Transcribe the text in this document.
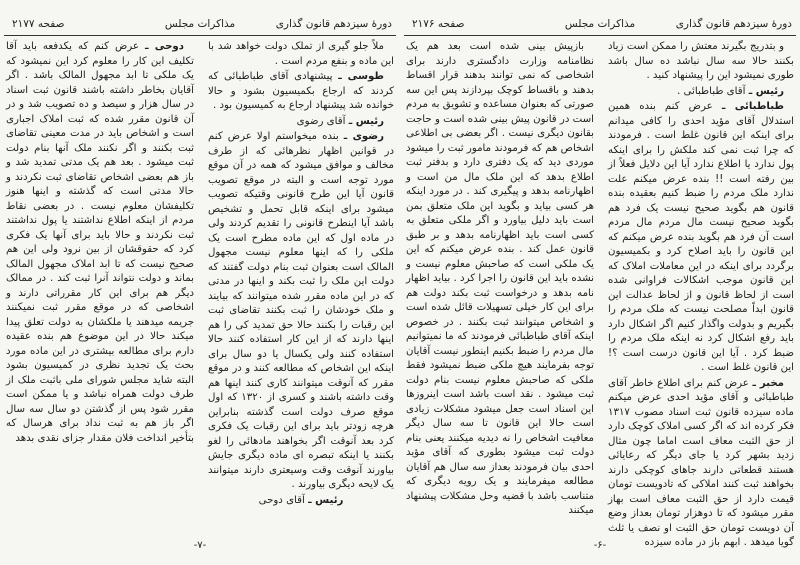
دورهٔ سیزدهم قانون گذاری
مذاکرات مجلس
صفحه ۲۱۷۶

و بتدریج بگیرند معتش را ممکن است زیاد بکنند حالا سه سال نباشد ده سال باشد طوری نمیشود این را پیشنهاد کنید .

رئیس ـ آقای طباطبائی .

طباطبائی ـ عرض کنم بنده همین استدلال آقای مؤید احدی را کافی میدانم برای اینکه این قانون غلط است . فرمودند که چرا ثبت نمی کند ملکش را برای اینکه پول ندارد یا اطلاع ندارد آیا این دلایل فعلاً از بین رفته است !! بنده عرض میکنم علت ندارد ملک مردم را ضبط کنیم بعقیده بنده قانون هم بگوید صحیح نیست یک فرد هم بگوید صحیح نیست مال مردم مال مردم است آن فرد هم بگوید بنده عرض میکنم که این قانون را باید اصلاح کرد و بکمیسیون برگردد برای اینکه در این معاملات املاک که این قانون موجب اشکالات فراوانی شده است از لحاظ قانون و از لحاظ عدالت این قانون ابداً مصلحت نیست که ملک مردم را بگیریم و بدولت واگذار کنیم اگر اشکال دارد باید رفع اشکال کرد نه اینکه ملک مردم را ضبط کرد . آیا این قانون درست است ؟! این قانون غلط است .

مخبر ـ عرض کنم برای اطلاع خاطر آقای طباطبائی و آقای مؤید احدی عرض میکنم ماده سیزده قانون ثبت اسناد مصوب ۱۳۱۷ فکر کرده اند که اگر کسی املاک کوچک دارد از حق الثبت معاف است اماما چون مثال زدید بشهر کرد یا جای دیگر که رعایائی هستند قطعاتی دارند جاهای کوچکی دارند بخواهند ثبت کنند املاکی که تادویست تومان قیمت دارد از حق الثبت معاف است بهاز مقرر میشود که تا دوهزار تومان بعداز وضع آن دویست تومان حق الثبت او نصف یا ثلث گویا میدهد . ابهم باز در ماده سیزده

بازپیش بینی شده است بعد هم یک نظامنامه وزارت دادگستری دارند برای اشخاصی که نمی توانند بدهند قرار اقساط بدهند و باقساط کوچک بپردازند پس این سه صورتی که بعنوان مساعده و تشویق به مردم است در قانون پیش بینی شده است و حاجت بقانون دیگری نیست . اگر بعضی بی اطلاعی اشخاص هم که فرمودند مامور ثبت را میشود موردی دید که یک دفتری دارد و بدفتر ثبت اطلاع بدهد که این ملک مال من است و اظهارنامه بدهد و پیگیری کند . در مورد اینکه هر کسی بیاید و بگوید این ملک متعلق بمن است باید دلیل بیاورد و اگر ملکی متعلق به کسی است باید اظهارنامه بدهد و بر طبق قانون عمل کند . بنده عرض میکنم که این یک ملکی است که صاحبش معلوم نیست و نشده باید این قانون را اجرا کرد . بیاید اظهار نامه بدهد و درخواست ثبت بکند دولت هم برای این کار خیلی تسهیلات قائل شده است و اشخاص میتوانند ثبت بکنند . در خصوص اینکه آقای طباطبائی فرمودند که ما نمیتوانیم مال مردم را ضبط بکنیم اینطور نیست آقایان توجه بفرمایند هیچ ملکی ضبط نمیشود فقط ملکی که صاحبش معلوم نیست بنام دولت ثبت میشود . نقد است باشد است اینروزها این اسناد است جعل میشود مشکلات زیادی است حالا این قانون تا سه سال دیگر معافیت اشخاص را نه دیدیه میکنند یعنی بنام دولت ثبت میشود بطوری که آقای مؤید احدی بیان فرمودند بعداز سه سال هم آقایان مطالعه میفرمایند و یک رویه دیگری که متناسب باشد با قضیه وحل مشکلات پیشنهاد میکنند

-۶-
دورهٔ سیزدهم قانون گذاری
مذاکرات مجلس
صفحه ۲۱۷۷

ملاً جلو گیری از تملک دولت خواهد شد با این ماده و بنفع مردم است .

طوسی ـ پیشنهادی آقای طباطبائی که کردند که ارجاع بکمیسیون بشود و حالا خوانده شد پیشنهاد ارجاع به کمیسیون بود .

رئیس ـ آقای رضوی

رضوی ـ بنده میخواستم اولا عرض کنم در قوانین اظهار نظرهائی که از طرف مخالف و موافق میشود که همه در آن موقع مورد توجه است و البته در موقع تصویب قانون آیا این طرح قانونی وقتیکه تصویب میشود برای اینکه قابل تحمل و تشخیص باشد آیا اینطرح قانونی را تقدیم کردند ولی در ماده اول که این ماده مطرح است یک ملکی را که اینها معلوم نیست مجهول المالک است بعنوان ثبت بنام دولت گفتند که دولت این ملک را ثبت بکند و اینها در مدتی که در این ماده مقرر شده میتوانند که بیایند و ملک خودشان را ثبت بکنند تقاضای ثبت این رقبات را بکنند حالا حق تمدید کی را هم اینها دارند که از این کار استفاده کنند حالا استفاده کنند ولی یکسال یا دو سال برای اینکه این اشخاص که مطالعه کنند و در موقع مقرر که آنوقت میتوانند کاری کنند اینها هم وقت داشته باشند و کسری از ۱۳۲۰ که اول موقع صرف دولت است گذشته بنابراین هرچه زودتر باید برای این رقبات یک فکری کرد بعد آنوقت اگر بخواهند مادهائی را لغو بکنند یا اینکه تبصره ای ماده دیگری جایش بیاورند آنوقت وقت وسیعتری دارند میتوانند یک لایحه دیگری بیاورند .

رئیس ـ آقای دوحی

دوحی ـ عرض کنم که یکدفعه باید آقا تکلیف این کار را معلوم کرد این نمیشود که یک ملکی تا ابد مجهول المالک باشد . اگر آقایان بخاطر داشته باشند قانون ثبت اسناد در سال هزار و سیصد و ده تصویب شد و در آن قانون مقرر شده که ثبت املاک اجباری است و اشخاص باید در مدت معینی تقاضای ثبت بکنند و اگر نکنند ملک آنها بنام دولت ثبت میشود . بعد هم یک مدتی تمدید شد و باز هم بعضی اشخاص تقاضای ثبت نکردند و حالا مدتی است که گذشته و اینها هنوز تکلیفشان معلوم نیست . در بعضی نقاط مردم از اینکه اطلاع نداشتند یا پول نداشتند ثبت نکردند و حالا باید برای آنها یک فکری کرد که حقوقشان از بین نرود ولی این هم صحیح نیست که تا ابد املاک مجهول المالک بماند و دولت نتواند آنرا ثبت کند . در ممالک دیگر هم برای این کار مقرراتی دارند و اشخاصی که در موقع مقرر ثبت نمیکنند جریمه میدهند یا ملکشان به دولت تعلق پیدا میکند حالا در این موضوع هم بنده عقیده دارم برای مطالعه بیشتری در این ماده مورد بحث یک تجدید نظری در کمیسیون بشود البته شاید مجلس شورای ملی باثبت ملک از طرف دولت همراه نباشد و یا ممکن است مقرر شود پس از گذشتن دو سال سه سال اگر باز هم به ثبت نداد برای هرسال که بتأخیر انداخت فلان مقدار جزای نقدی بدهد

-۷-
